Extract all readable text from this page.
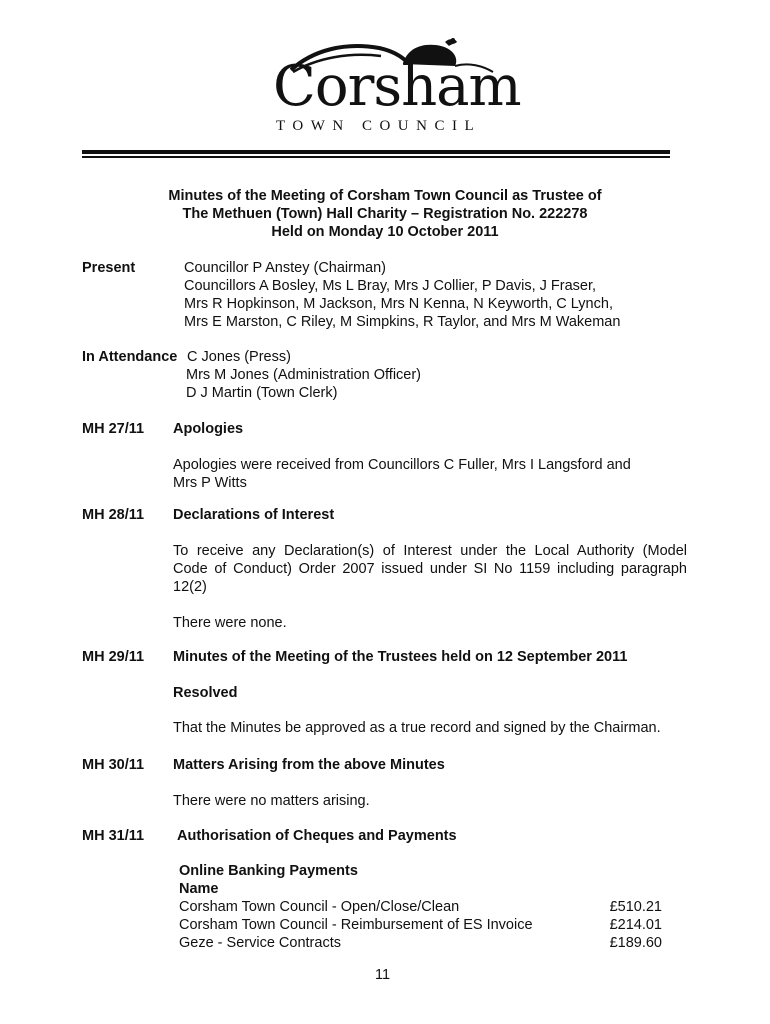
Corsham
TOWN COUNCIL
Minutes of the Meeting of Corsham Town Council as Trustee of
The Methuen (Town) Hall Charity – Registration No. 222278
Held on Monday 10 October 2011
Present	Councillor P Anstey (Chairman)
Councillors A Bosley, Ms L Bray, Mrs J Collier, P Davis, J Fraser,
Mrs R Hopkinson, M Jackson, Mrs N Kenna, N Keyworth, C Lynch,
Mrs E Marston, C Riley, M Simpkins, R Taylor, and Mrs M Wakeman
In Attendance C Jones (Press)
Mrs M Jones (Administration Officer)
D J Martin (Town Clerk)
MH 27/11 Apologies
Apologies were received from Councillors C Fuller, Mrs I Langsford and
Mrs P Witts
MH 28/11 Declarations of Interest
To receive any Declaration(s) of Interest under the Local Authority (Model
Code of Conduct) Order 2007 issued under SI No 1159 including paragraph
12(2)
There were none.
MH 29/11 Minutes of the Meeting of the Trustees held on 12 September 2011
Resolved
That the Minutes be approved as a true record and signed by the Chairman.
MH 30/11 Matters Arising from the above Minutes
There were no matters arising.
MH 31/11 Authorisation of Cheques and Payments
Online Banking Payments
Name
Corsham Town Council - Open/Close/Clean	£510.21
Corsham Town Council - Reimbursement of ES Invoice	£214.01
Geze - Service Contracts	£189.60
11
